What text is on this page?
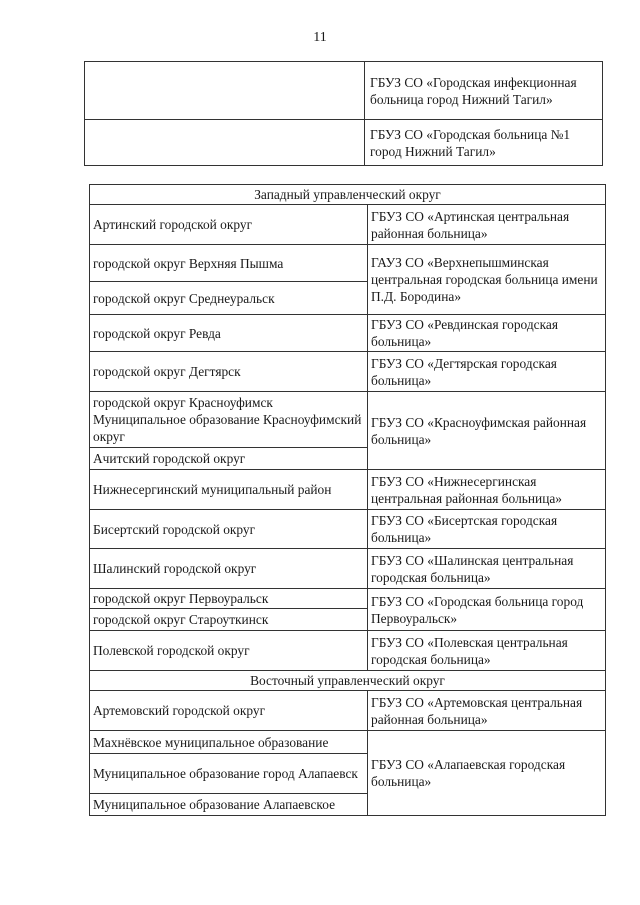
11
	ГБУЗ СО «Городская инфекционная больница город Нижний Тагил»
	ГБУЗ СО «Городская больница №1 город Нижний Тагил»
Западный управленческий округ	
Артинский городской округ	ГБУЗ СО «Артинская центральная районная больница»
городской округ Верхняя Пышма	ГАУЗ СО «Верхнепышминская центральная городская больница имени П.Д. Бородина»
городской округ Среднеуральск	
городской округ Ревда	ГБУЗ СО «Ревдинская городская больница»
городской округ Дегтярск	ГБУЗ СО «Дегтярская городская больница»
городской округ Красноуфимск Муниципальное образование Красноуфимский округ	ГБУЗ СО «Красноуфимская районная больница»
Ачитский городской округ	
Нижнесергинский муниципальный район	ГБУЗ СО «Нижнесергинская центральная районная больница»
Бисертский городской округ	ГБУЗ СО «Бисертская городская больница»
Шалинский городской округ	ГБУЗ СО «Шалинская центральная городская больница»
городской округ Первоуральск	ГБУЗ СО «Городская больница город Первоуральск»
городской округ Староуткинск	
Полевской городской округ	ГБУЗ СО «Полевская центральная городская больница»
Восточный управленческий округ	
Артемовский городской округ	ГБУЗ СО «Артемовская центральная районная больница»
Махнёвское муниципальное образование	ГБУЗ СО «Алапаевская городская больница»
Муниципальное образование город Алапаевск	
Муниципальное образование Алапаевское	
